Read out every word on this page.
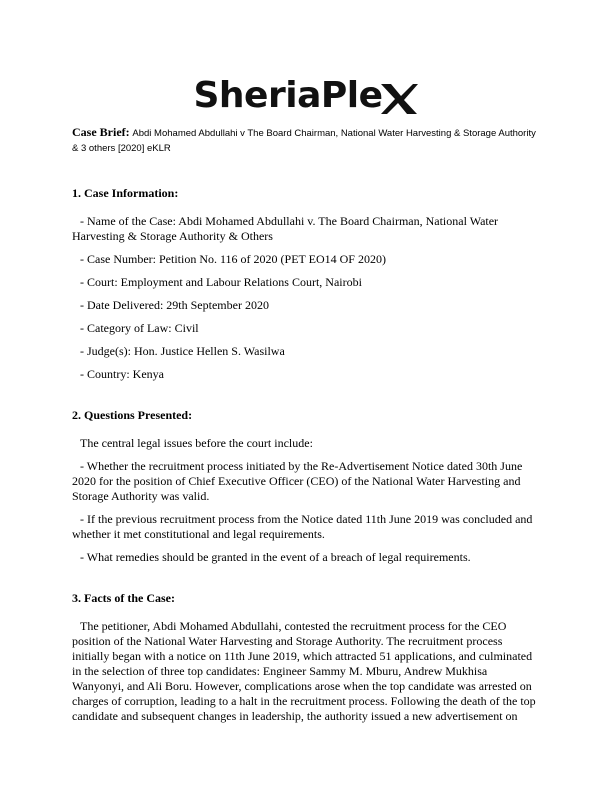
SheriaPle
Case Brief: Abdi Mohamed Abdullahi v The Board Chairman, National Water Harvesting & Storage Authority & 3 others [2020] eKLR
1. Case Information:
- Name of the Case: Abdi Mohamed Abdullahi v. The Board Chairman, National Water Harvesting & Storage Authority & Others
- Case Number: Petition No. 116 of 2020 (PET EO14 OF 2020)
- Court: Employment and Labour Relations Court, Nairobi
- Date Delivered: 29th September 2020
- Category of Law: Civil
- Judge(s): Hon. Justice Hellen S. Wasilwa
- Country: Kenya
2. Questions Presented:
The central legal issues before the court include:
- Whether the recruitment process initiated by the Re-Advertisement Notice dated 30th June 2020 for the position of Chief Executive Officer (CEO) of the National Water Harvesting and Storage Authority was valid.
- If the previous recruitment process from the Notice dated 11th June 2019 was concluded and whether it met constitutional and legal requirements.
- What remedies should be granted in the event of a breach of legal requirements.
3. Facts of the Case:

The petitioner, Abdi Mohamed Abdullahi, contested the recruitment process for the CEO position of the National Water Harvesting and Storage Authority. The recruitment process initially began with a notice on 11th June 2019, which attracted 51 applications, and culminated in the selection of three top candidates: Engineer Sammy M. Mburu, Andrew Mukhisa Wanyonyi, and Ali Boru. However, complications arose when the top candidate was arrested on charges of corruption, leading to a halt in the recruitment process. Following the death of the top candidate and subsequent changes in leadership, the authority issued a new advertisement on
